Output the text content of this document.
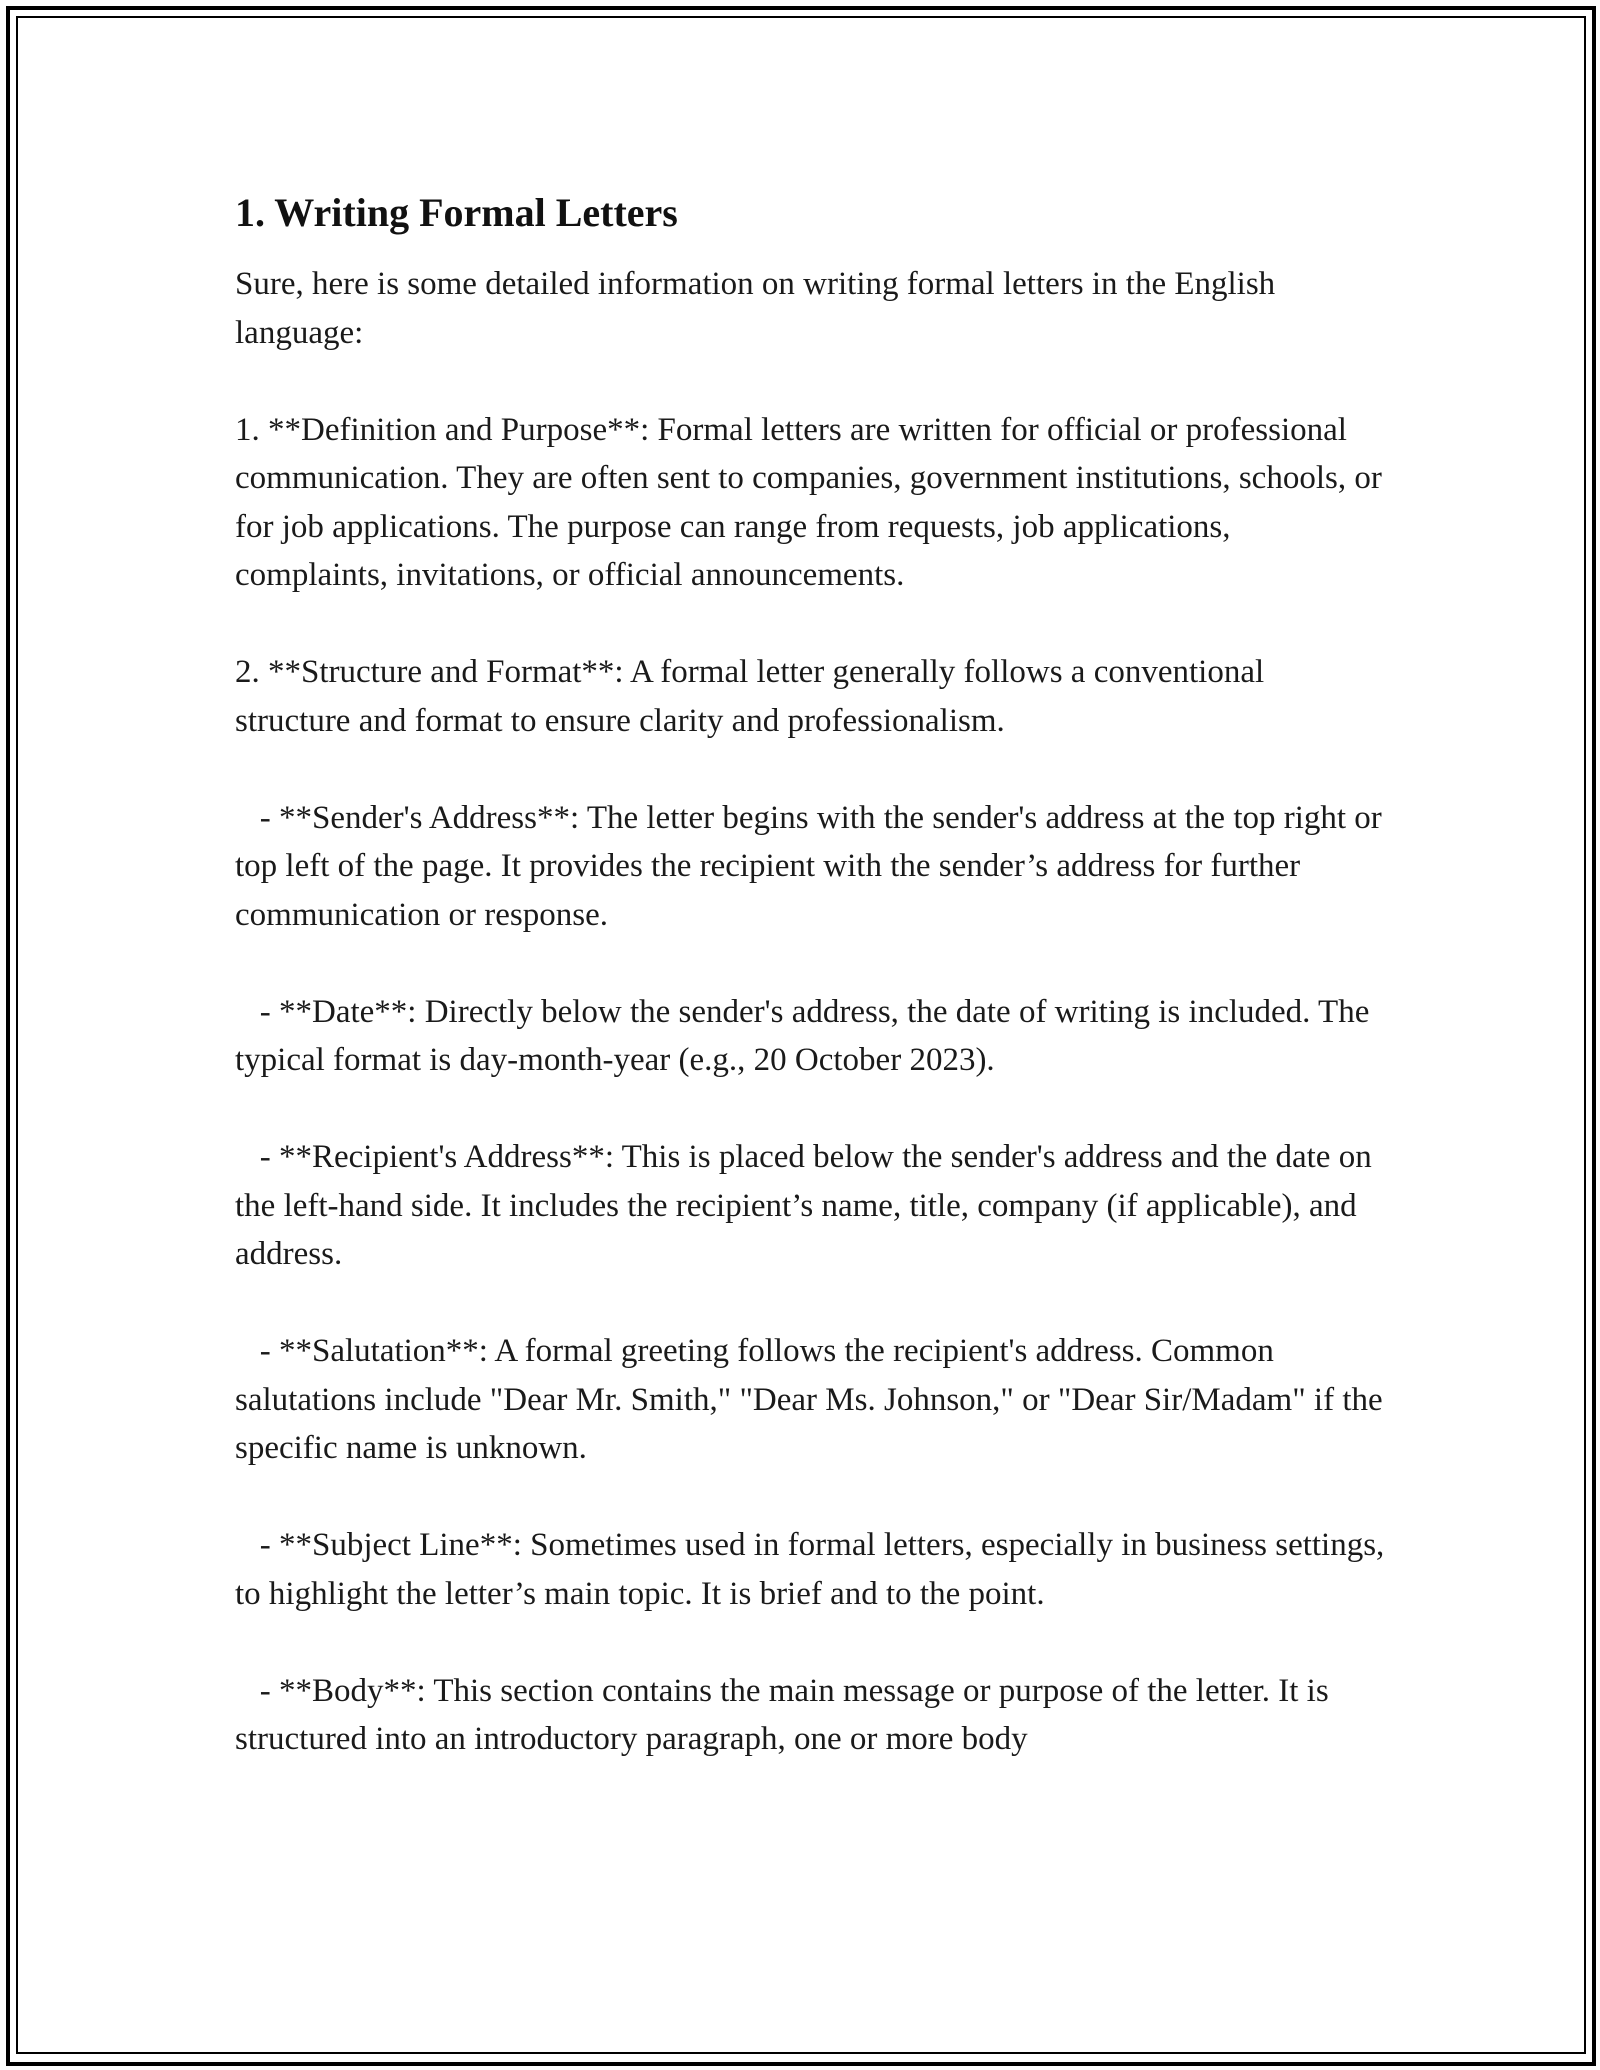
1. Writing Formal Letters

Sure, here is some detailed information on writing formal letters in the English language:

1. **Definition and Purpose**: Formal letters are written for official or professional communication. They are often sent to companies, government institutions, schools, or for job applications. The purpose can range from requests, job applications, complaints, invitations, or official announcements.

2. **Structure and Format**: A formal letter generally follows a conventional structure and format to ensure clarity and professionalism.

- **Sender's Address**: The letter begins with the sender's address at the top right or top left of the page. It provides the recipient with the sender’s address for further communication or response.

- **Date**: Directly below the sender's address, the date of writing is included. The typical format is day-month-year (e.g., 20 October 2023).

- **Recipient's Address**: This is placed below the sender's address and the date on the left-hand side. It includes the recipient’s name, title, company (if applicable), and address.

- **Salutation**: A formal greeting follows the recipient's address. Common salutations include "Dear Mr. Smith," "Dear Ms. Johnson," or "Dear Sir/Madam" if the specific name is unknown.

- **Subject Line**: Sometimes used in formal letters, especially in business settings, to highlight the letter’s main topic. It is brief and to the point.

- **Body**: This section contains the main message or purpose of the letter. It is structured into an introductory paragraph, one or more body
